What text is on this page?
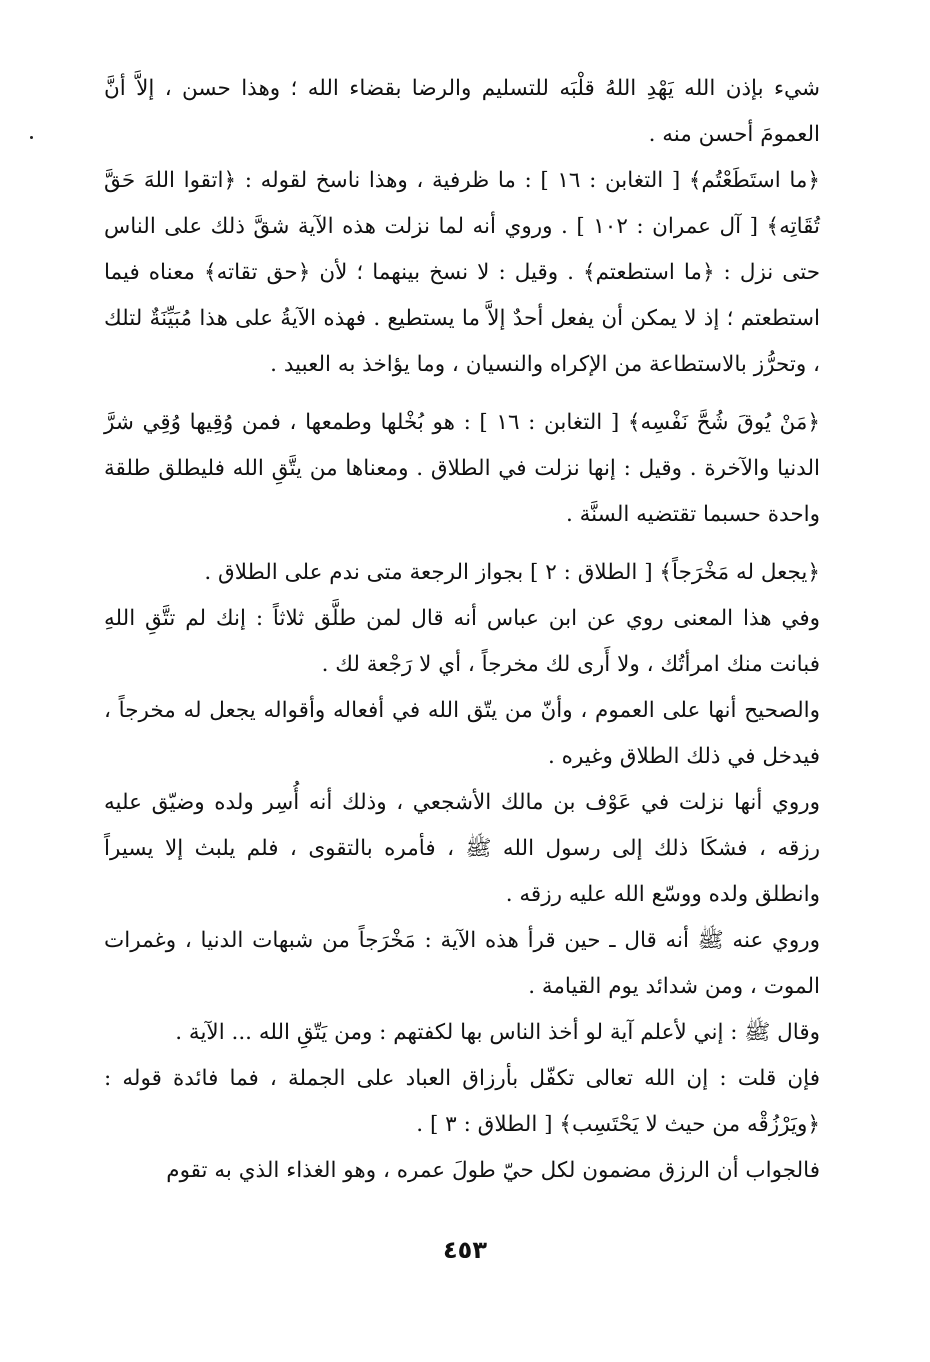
شيء بإذن الله يَهْدِ اللهُ قلْبَه للتسليم والرضا بقضاء الله ؛ وهذا حسن ، إلاَّ أنَّ العمومَ أحسن منه .

﴿ما استَطَعْتُم﴾ [ التغابن : ١٦ ] : ما ظرفية ، وهذا ناسخ لقوله : ﴿اتقوا اللهَ حَقَّ تُقَاتِه﴾ [ آل عمران : ١٠٢ ] . وروي أنه لما نزلت هذه الآية شقَّ ذلك على الناس حتى نزل : ﴿ما استطعتم﴾ . وقيل : لا نسخ بينهما ؛ لأن ﴿حق تقاته﴾ معناه فيما استطعتم ؛ إذ لا يمكن أن يفعل أحدٌ إلاَّ ما يستطيع . فهذه الآيةُ على هذا مُبَيِّنَةٌ لتلك ، وتحرُّز بالاستطاعة من الإكراه والنسيان ، وما يؤاخذ به العبيد .

﴿مَنْ يُوقَ شُحَّ نَفْسِه﴾ [ التغابن : ١٦ ] : هو بُخْلها وطمعها ، فمن وُقِيها وُقِي شرَّ الدنيا والآخرة . وقيل : إنها نزلت في الطلاق . ومعناها من يتَّقِ الله فليطلق طلقة واحدة حسبما تقتضيه السنَّة .

﴿يجعل له مَخْرَجاً﴾ [ الطلاق : ٢ ] بجواز الرجعة متى ندم على الطلاق .

وفي هذا المعنى روي عن ابن عباس أنه قال لمن طلَّق ثلاثاً : إنك لم تتَّقِ اللهِ فبانت منك امرأتُك ، ولا أَرى لك مخرجاً ، أي لا رَجْعة لك .

والصحيح أنها على العموم ، وأنّ من يتّق الله في أفعاله وأقواله يجعل له مخرجاً ، فيدخل في ذلك الطلاق وغيره .

وروي أنها نزلت في عَوْف بن مالك الأشجعي ، وذلك أنه أُسِر ولده وضيّق عليه رزقه ، فشكَا ذلك إلى رسول الله ﷺ ، فأمره بالتقوى ، فلم يلبث إلا يسيراً وانطلق ولده ووسّع الله عليه رزقه .

وروي عنه ﷺ أنه قال ـ حين قرأ هذه الآية : مَخْرَجاً من شبهات الدنيا ، وغمرات الموت ، ومن شدائد يوم القيامة .

وقال ﷺ : إني لأعلم آية لو أخذ الناس بها لكفتهم : ومن يَتّقِ الله ... الآية .

فإن قلت : إن الله تعالى تكفّل بأرزاق العباد على الجملة ، فما فائدة قوله : ﴿ويَرْزُقْه من حيث لا يَحْتَسِب﴾ [ الطلاق : ٣ ] .

فالجواب أن الرزق مضمون لكل حيّ طولَ عمره ، وهو الغذاء الذي به تقوم

٤٥٣
